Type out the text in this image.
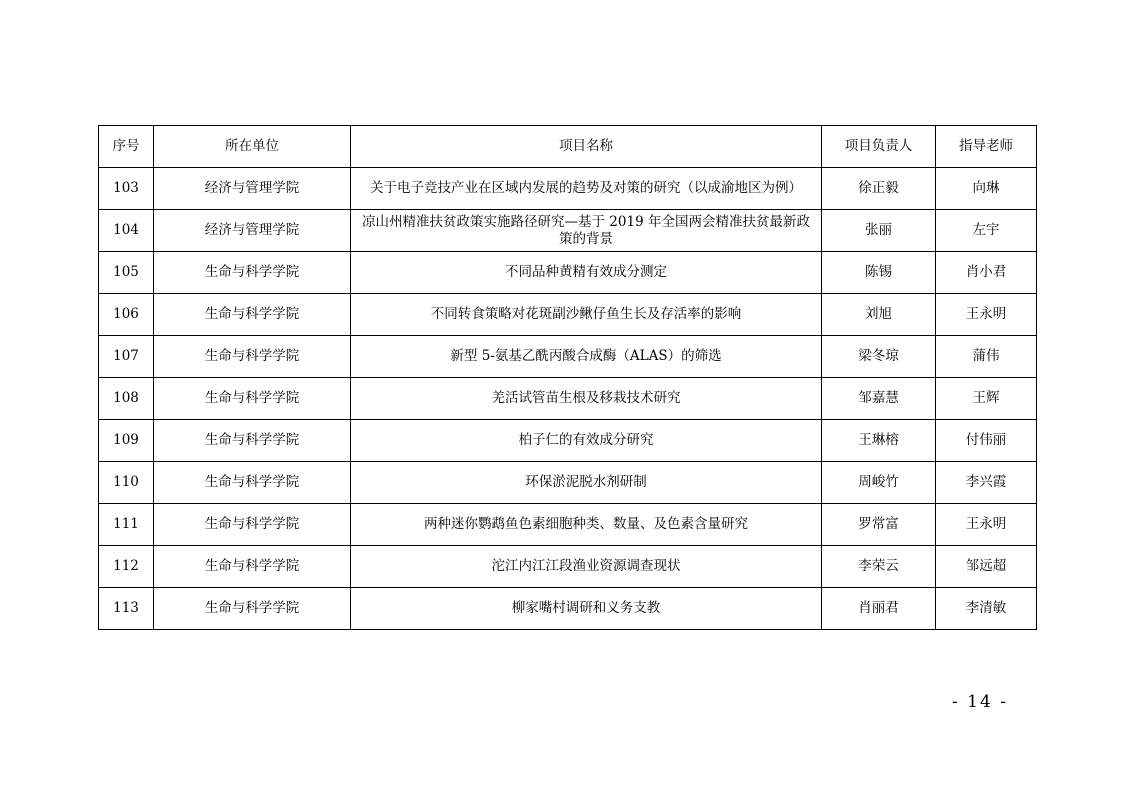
序号	所在单位	项目名称	项目负责人	指导老师
103	经济与管理学院	关于电子竞技产业在区域内发展的趋势及对策的研究（以成渝地区为例）	徐正毅	向琳
104	经济与管理学院	凉山州精准扶贫政策实施路径研究—基于 2019 年全国两会精准扶贫最新政策的背景	张丽	左宇
105	生命与科学学院	不同品种黄精有效成分测定	陈锡	肖小君
106	生命与科学学院	不同转食策略对花斑副沙鳅仔鱼生长及存活率的影响	刘旭	王永明
107	生命与科学学院	新型 5-氨基乙酰丙酸合成酶（ALAS）的筛选	梁冬琼	蒲伟
108	生命与科学学院	羌活试管苗生根及移栽技术研究	邹嘉慧	王辉
109	生命与科学学院	柏子仁的有效成分研究	王琳榕	付伟丽
110	生命与科学学院	环保淤泥脱水剂研制	周峻竹	李兴霞
111	生命与科学学院	两种迷你鹦鹉鱼色素细胞种类、数量、及色素含量研究	罗常富	王永明
112	生命与科学学院	沱江内江江段渔业资源调查现状	李荣云	邹远超
113	生命与科学学院	柳家嘴村调研和义务支教	肖丽君	李清敏
- 14 -
